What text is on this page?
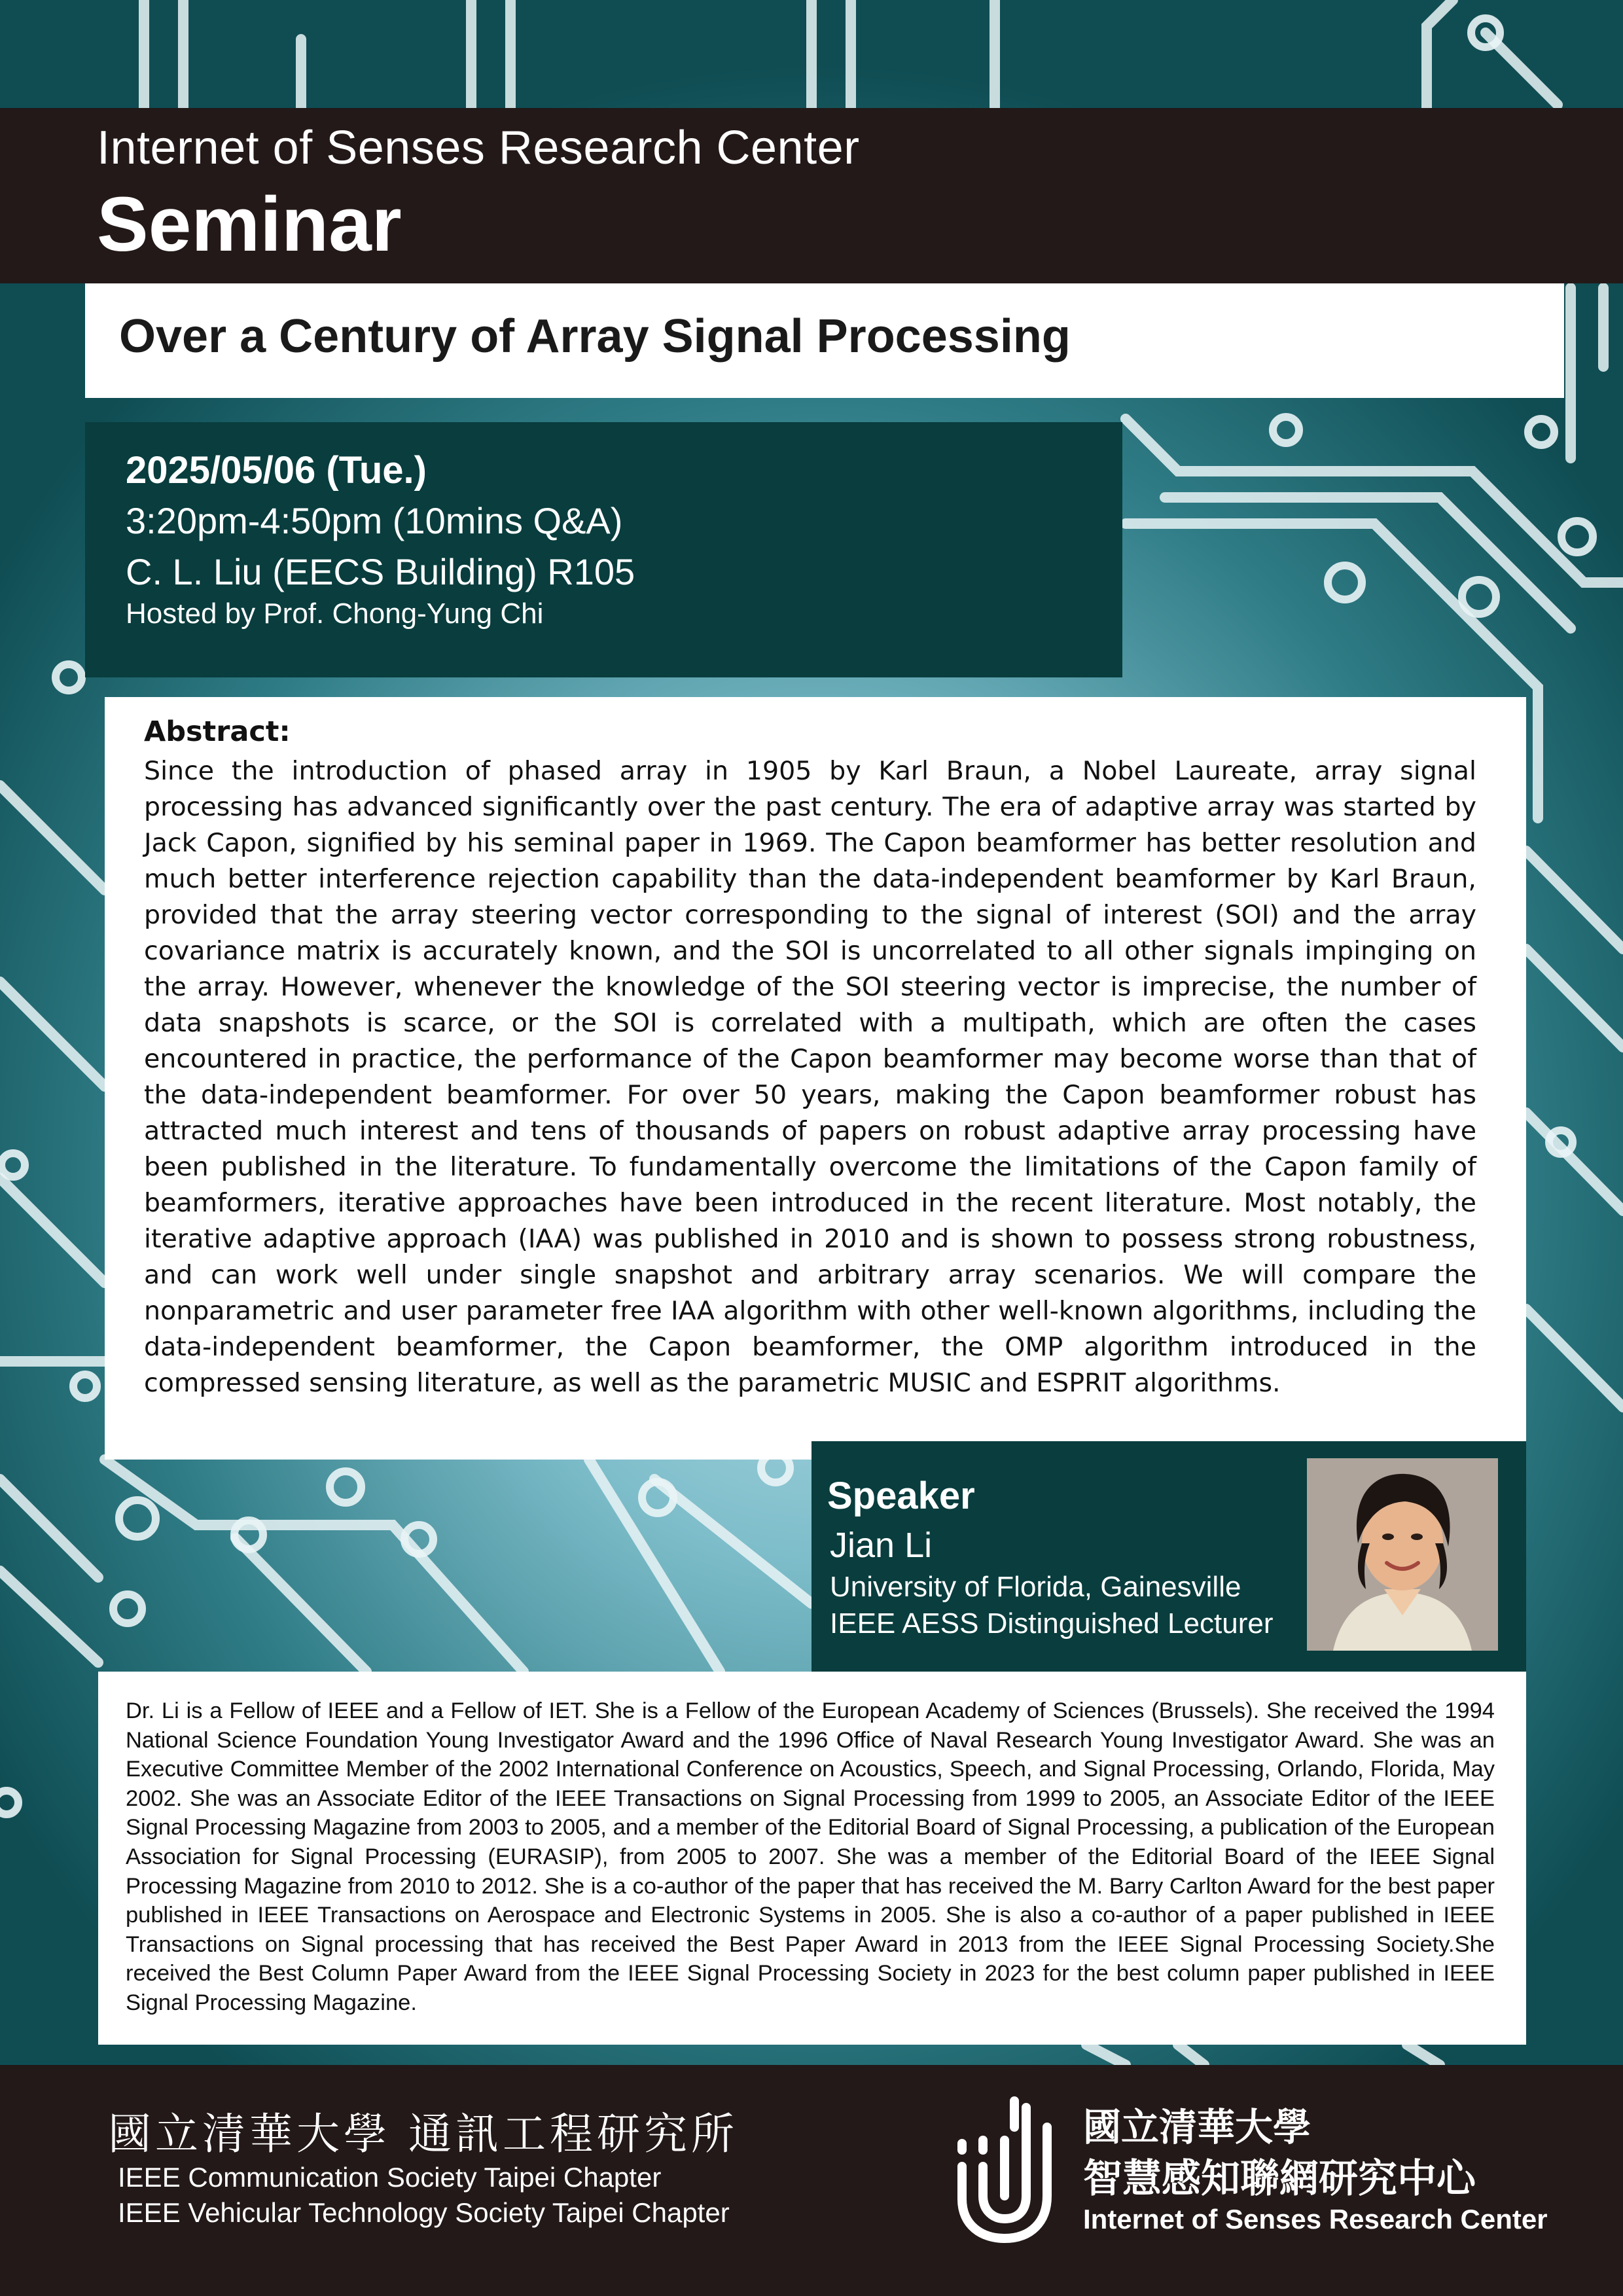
Internet of Senses Research Center
Seminar
Over a Century of Array Signal Processing
2025/05/06 (Tue.)
3:20pm-4:50pm (10mins Q&A)
C. L. Liu (EECS Building) R105
Hosted by Prof. Chong-Yung Chi
Abstract:

Since the introduction of phased array in 1905 by Karl Braun, a Nobel Laureate, array signal processing has advanced significantly over the past century. The era of adaptive array was started by Jack Capon, signified by his seminal paper in 1969. The Capon beamformer has better resolution and much better interference rejection capability than the data-independent beamformer by Karl Braun, provided that the array steering vector corresponding to the signal of interest (SOI) and the array covariance matrix is accurately known, and the SOI is uncorrelated to all other signals impinging on the array. However, whenever the knowledge of the SOI steering vector is imprecise, the number of data snapshots is scarce, or the SOI is correlated with a multipath, which are often the cases encountered in practice, the performance of the Capon beamformer may become worse than that of the data-independent beamformer. For over 50 years, making the Capon beamformer robust has attracted much interest and tens of thousands of papers on robust adaptive array processing have been published in the literature. To fundamentally overcome the limitations of the Capon family of beamformers, iterative approaches have been introduced in the recent literature. Most notably, the iterative adaptive approach (IAA) was published in 2010 and is shown to possess strong robustness, and can work well under single snapshot and arbitrary array scenarios. We will compare the nonparametric and user parameter free IAA algorithm with other well-known algorithms, including the data-independent beamformer, the Capon beamformer, the OMP algorithm introduced in the compressed sensing literature, as well as the parametric MUSIC and ESPRIT algorithms.

Speaker
Jian Li
University of Florida, Gainesville
IEEE AESS Distinguished Lecturer

Dr. Li is a Fellow of IEEE and a Fellow of IET. She is a Fellow of the European Academy of Sciences (Brussels). She received the 1994 National Science Foundation Young Investigator Award and the 1996 Office of Naval Research Young Investigator Award. She was an Executive Committee Member of the 2002 International Conference on Acoustics, Speech, and Signal Processing, Orlando, Florida, May 2002. She was an Associate Editor of the IEEE Transactions on Signal Processing from 1999 to 2005, an Associate Editor of the IEEE Signal Processing Magazine from 2003 to 2005, and a member of the Editorial Board of Signal Processing, a publication of the European Association for Signal Processing (EURASIP), from 2005 to 2007. She was a member of the Editorial Board of the IEEE Signal Processing Magazine from 2010 to 2012. She is a co-author of the paper that has received the M. Barry Carlton Award for the best paper published in IEEE Transactions on Aerospace and Electronic Systems in 2005. She is also a co-author of a paper published in IEEE Transactions on Signal processing that has received the Best Paper Award in 2013 from the IEEE Signal Processing Society.She received the Best Column Paper Award from the IEEE Signal Processing Society in 2023 for the best column paper published in IEEE Signal Processing Magazine.

國立清華大學 通訊工程研究所
IEEE Communication Society Taipei Chapter
IEEE Vehicular Technology Society Taipei Chapter
國立清華大學
智慧感知聯網研究中心
Internet of Senses Research Center
